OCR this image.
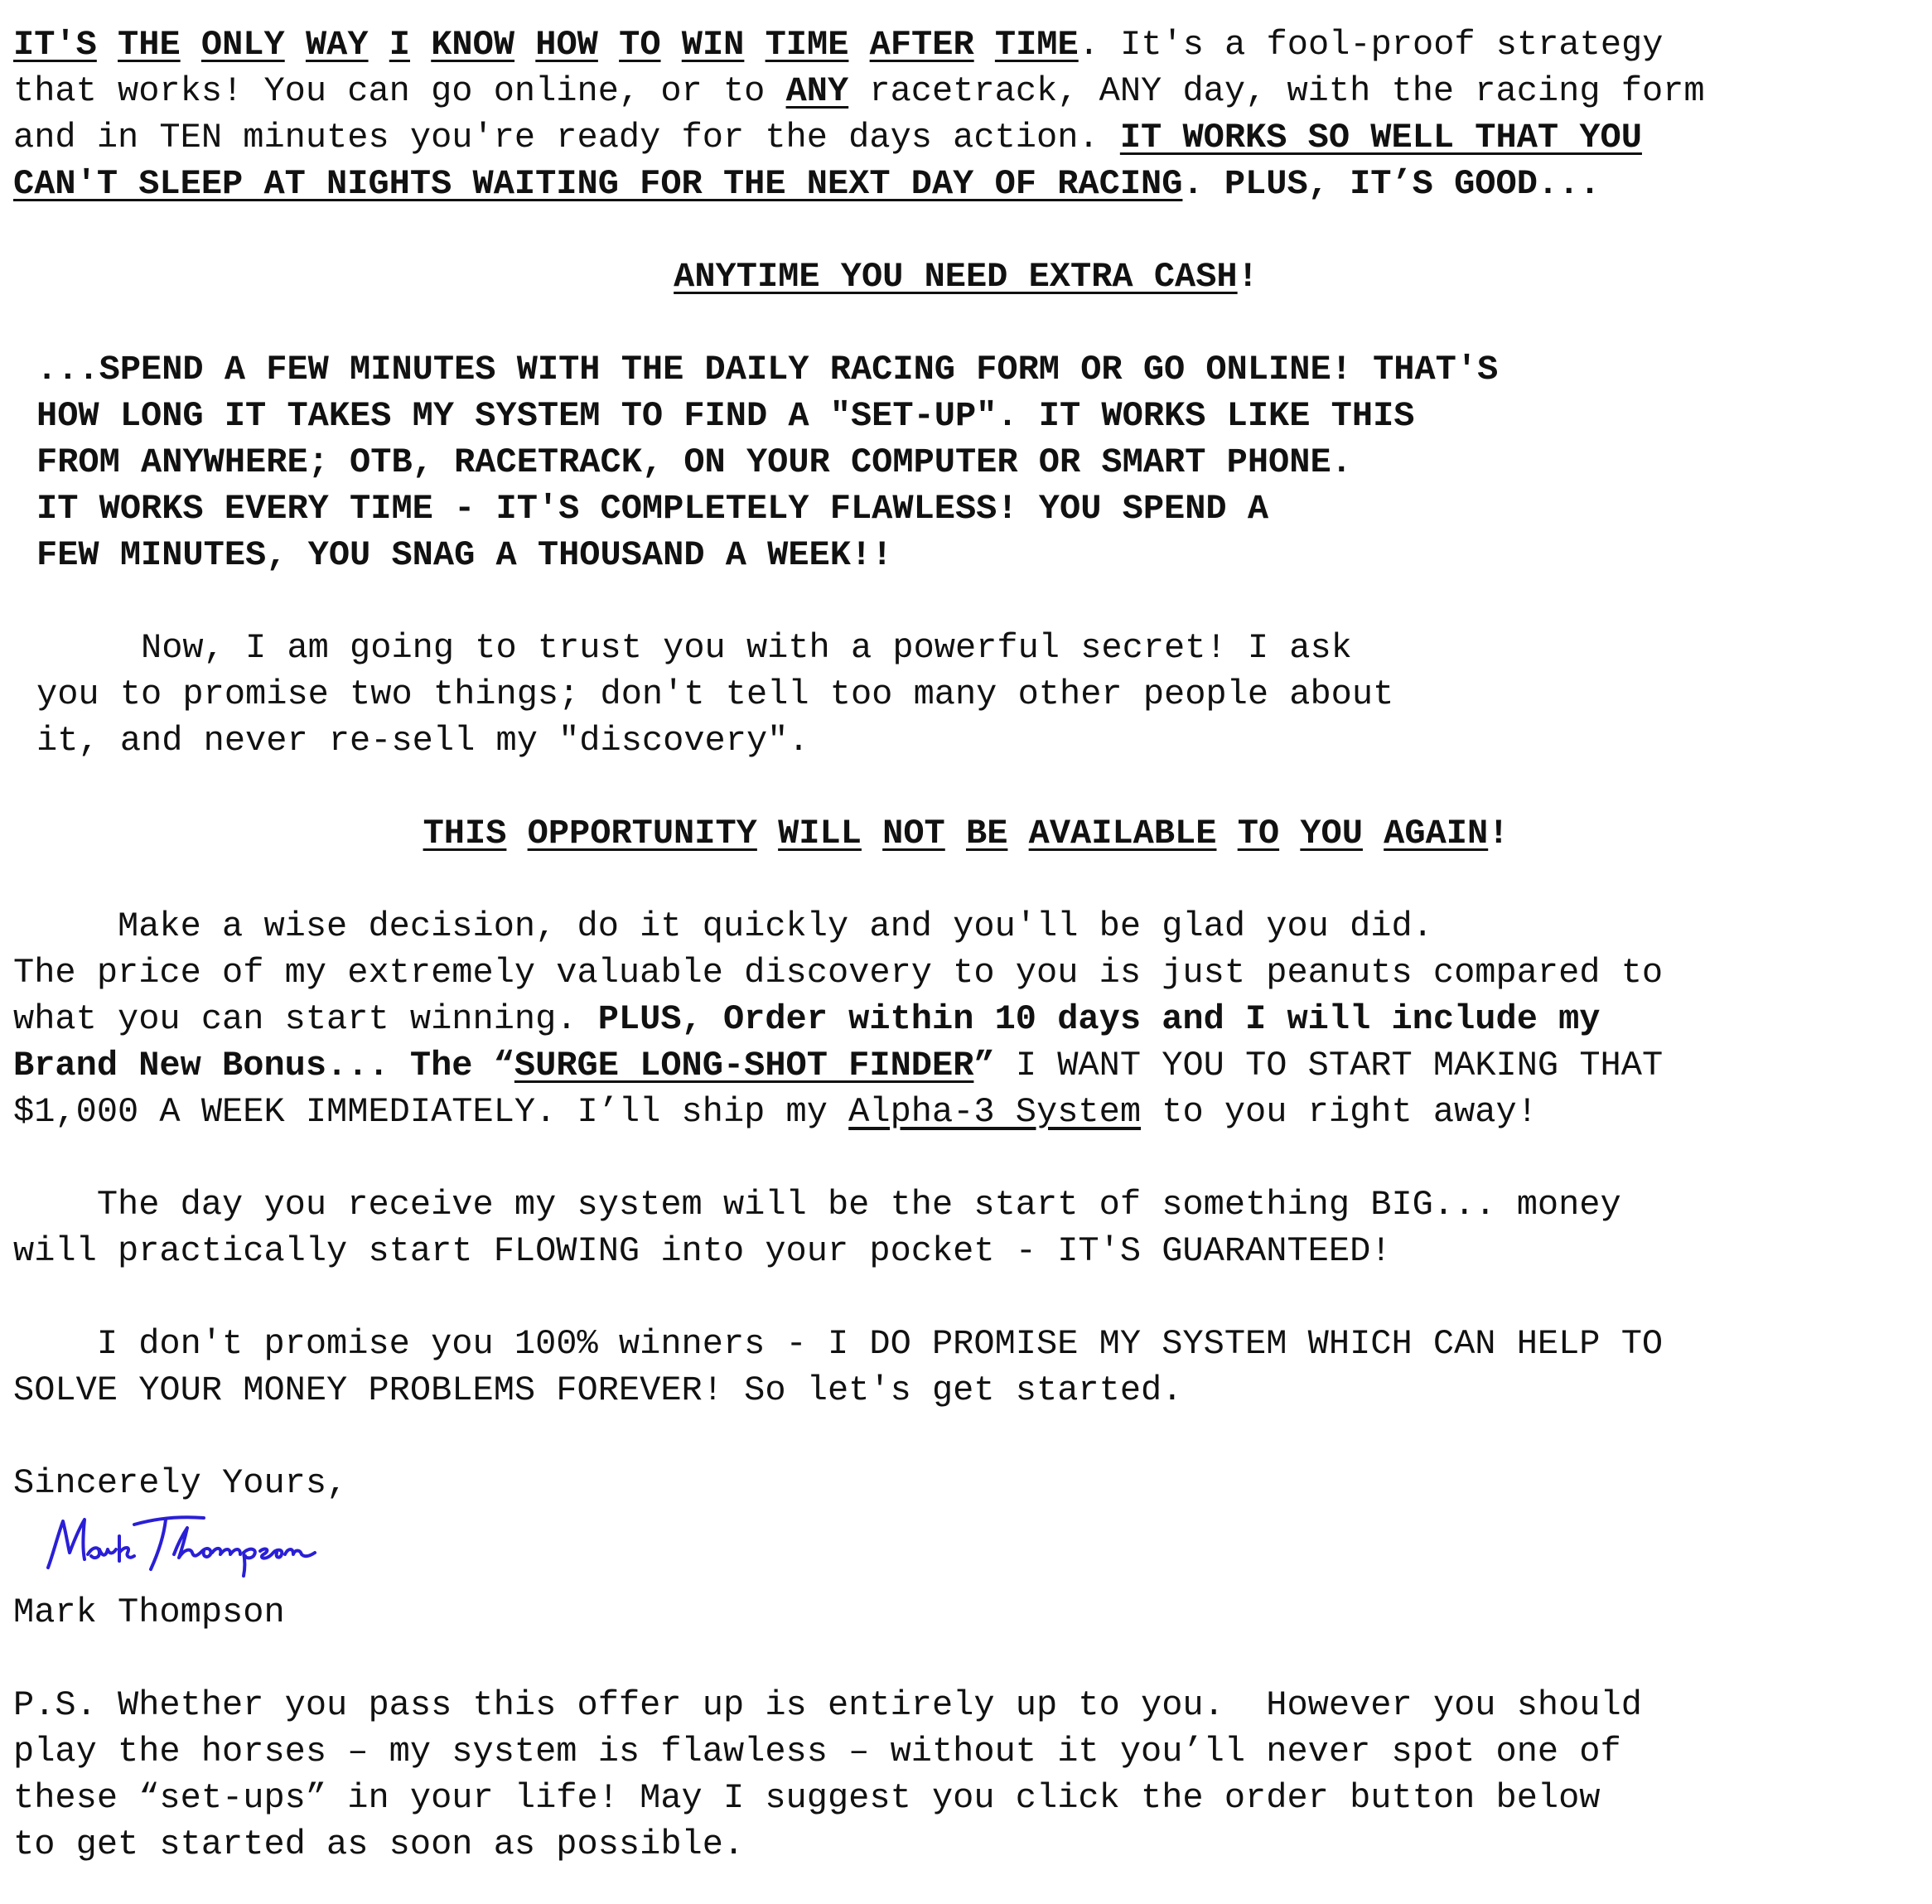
IT'S THE ONLY WAY I KNOW HOW TO WIN TIME AFTER TIME. It's a fool-proof strategy
that works! You can go online, or to ANY racetrack, ANY day, with the racing form
and in TEN minutes you're ready for the days action. IT WORKS SO WELL THAT YOU
CAN'T SLEEP AT NIGHTS WAITING FOR THE NEXT DAY OF RACING. PLUS, IT’S GOOD...
ANYTIME YOU NEED EXTRA CASH!
...SPEND A FEW MINUTES WITH THE DAILY RACING FORM OR GO ONLINE! THAT'S
HOW LONG IT TAKES MY SYSTEM TO FIND A "SET-UP". IT WORKS LIKE THIS
FROM ANYWHERE; OTB, RACETRACK, ON YOUR COMPUTER OR SMART PHONE.
IT WORKS EVERY TIME - IT'S COMPLETELY FLAWLESS! YOU SPEND A
FEW MINUTES, YOU SNAG A THOUSAND A WEEK!!
Now, I am going to trust you with a powerful secret! I ask
you to promise two things; don't tell too many other people about
it, and never re-sell my "discovery".
THIS OPPORTUNITY WILL NOT BE AVAILABLE TO YOU AGAIN!
Make a wise decision, do it quickly and you'll be glad you did.
The price of my extremely valuable discovery to you is just peanuts compared to
what you can start winning. PLUS, Order within 10 days and I will include my
Brand New Bonus... The “SURGE LONG-SHOT FINDER” I WANT YOU TO START MAKING THAT
$1,000 A WEEK IMMEDIATELY. I’ll ship my Alpha-3 System to you right away!
The day you receive my system will be the start of something BIG... money
will practically start FLOWING into your pocket - IT'S GUARANTEED!
I don't promise you 100% winners - I DO PROMISE MY SYSTEM WHICH CAN HELP TO
SOLVE YOUR MONEY PROBLEMS FOREVER! So let's get started.
Sincerely Yours,
Mark Thompson
P.S. Whether you pass this offer up is entirely up to you.  However you should
play the horses – my system is flawless – without it you’ll never spot one of
these “set-ups” in your life! May I suggest you click the order button below
to get started as soon as possible.
